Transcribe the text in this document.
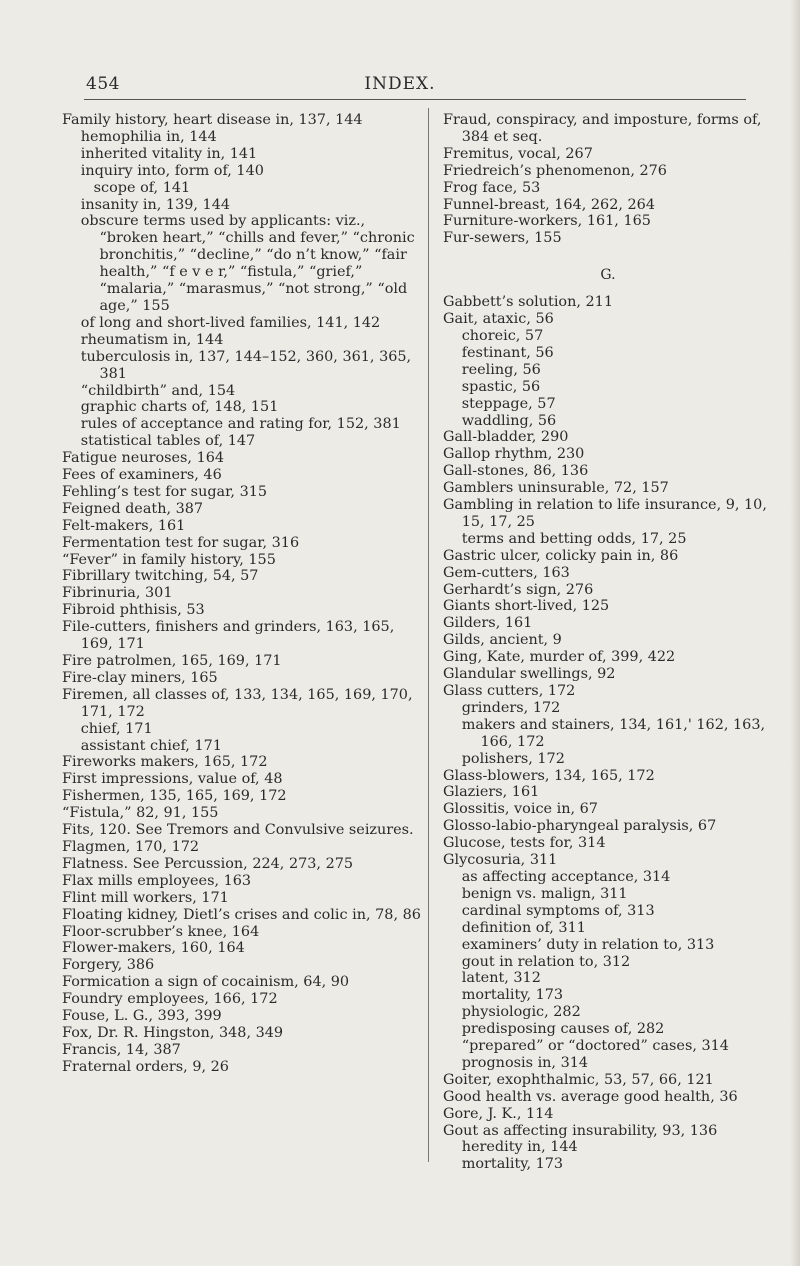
454	INDEX.
Family history, heart disease in, 137, 144
hemophilia in, 144
inherited vitality in, 141
inquiry into, form of, 140
scope of, 141
insanity in, 139, 144
obscure terms used by applicants: viz., “broken heart,” “chills and fever,” “chronic bronchitis,” “decline,” “do n’t know,” “fair health,” “f e v e r,” “fistula,” “grief,” “malaria,” “marasmus,” “not strong,” “old age,” 155
of long and short-lived families, 141, 142
rheumatism in, 144
tuberculosis in, 137, 144–152, 360, 361, 365, 381
“childbirth” and, 154
graphic charts of, 148, 151
rules of acceptance and rating for, 152, 381
statistical tables of, 147
Fatigue neuroses, 164
Fees of examiners, 46
Fehling’s test for sugar, 315
Feigned death, 387
Felt-makers, 161
Fermentation test for sugar, 316
“Fever” in family history, 155
Fibrillary twitching, 54, 57
Fibrinuria, 301
Fibroid phthisis, 53
File-cutters, finishers and grinders, 163, 165, 169, 171
Fire patrolmen, 165, 169, 171
Fire-clay miners, 165
Firemen, all classes of, 133, 134, 165, 169, 170, 171, 172
chief, 171
assistant chief, 171
Fireworks makers, 165, 172
First impressions, value of, 48
Fishermen, 135, 165, 169, 172
“Fistula,” 82, 91, 155
Fits, 120. See Tremors and Convulsive seizures.
Flagmen, 170, 172
Flatness. See Percussion, 224, 273, 275
Flax mills employees, 163
Flint mill workers, 171
Floating kidney, Dietl’s crises and colic in, 78, 86
Floor-scrubber’s knee, 164
Flower-makers, 160, 164
Forgery, 386
Formication a sign of cocainism, 64, 90
Foundry employees, 166, 172
Fouse, L. G., 393, 399
Fox, Dr. R. Hingston, 348, 349
Francis, 14, 387
Fraternal orders, 9, 26
Fraud, conspiracy, and imposture, forms of, 384 et seq.
Fremitus, vocal, 267
Friedreich’s phenomenon, 276
Frog face, 53
Funnel-breast, 164, 262, 264
Furniture-workers, 161, 165
Fur-sewers, 155
G.
Gabbett’s solution, 211
Gait, ataxic, 56
choreic, 57
festinant, 56
reeling, 56
spastic, 56
steppage, 57
waddling, 56
Gall-bladder, 290
Gallop rhythm, 230
Gall-stones, 86, 136
Gamblers uninsurable, 72, 157
Gambling in relation to life insurance, 9, 10, 15, 17, 25
terms and betting odds, 17, 25
Gastric ulcer, colicky pain in, 86
Gem-cutters, 163
Gerhardt’s sign, 276
Giants short-lived, 125
Gilders, 161
Gilds, ancient, 9
Ging, Kate, murder of, 399, 422
Glandular swellings, 92
Glass cutters, 172
grinders, 172
makers and stainers, 134, 161,' 162, 163, 166, 172
polishers, 172
Glass-blowers, 134, 165, 172
Glaziers, 161
Glossitis, voice in, 67
Glosso-labio-pharyngeal paralysis, 67
Glucose, tests for, 314
Glycosuria, 311
as affecting acceptance, 314
benign vs. malign, 311
cardinal symptoms of, 313
definition of, 311
examiners’ duty in relation to, 313
gout in relation to, 312
latent, 312
mortality, 173
physiologic, 282
predisposing causes of, 282
“prepared” or “doctored” cases, 314
prognosis in, 314
Goiter, exophthalmic, 53, 57, 66, 121
Good health vs. average good health, 36
Gore, J. K., 114
Gout as affecting insurability, 93, 136
heredity in, 144
mortality, 173
